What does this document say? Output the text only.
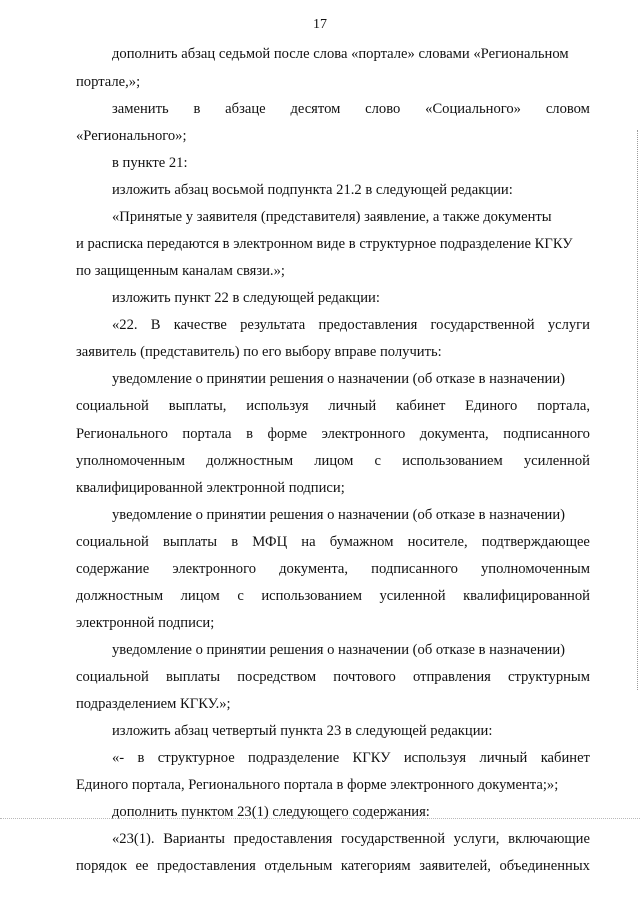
17
дополнить абзац седьмой после слова «портале» словами «Региональном
портале,»;
заменить в абзаце десятом слово «Социального» словом
«Регионального»;
в пункте 21:
изложить абзац восьмой подпункта 21.2 в следующей редакции:
«Принятые у заявителя (представителя) заявление, а также документы
и расписка передаются в электронном виде в структурное подразделение КГКУ
по защищенным каналам связи.»;
изложить пункт 22 в следующей редакции:
«22. В качестве результата предоставления государственной услуги
заявитель (представитель) по его выбору вправе получить:
уведомление о принятии решения о назначении (об отказе в назначении)
социальной выплаты, используя личный кабинет Единого портала,
Регионального портала в форме электронного документа, подписанного
уполномоченным должностным лицом с использованием усиленной
квалифицированной электронной подписи;
уведомление о принятии решения о назначении (об отказе в назначении)
социальной выплаты в МФЦ на бумажном носителе, подтверждающее
содержание электронного документа, подписанного уполномоченным
должностным лицом с использованием усиленной квалифицированной
электронной подписи;
уведомление о принятии решения о назначении (об отказе в назначении)
социальной выплаты посредством почтового отправления структурным
подразделением КГКУ.»;
изложить абзац четвертый пункта 23 в следующей редакции:
«- в структурное подразделение КГКУ используя личный кабинет
Единого портала, Регионального портала в форме электронного документа;»;
дополнить пунктом 23(1) следующего содержания:
«23(1). Варианты предоставления государственной услуги, включающие
порядок ее предоставления отдельным категориям заявителей, объединенных
